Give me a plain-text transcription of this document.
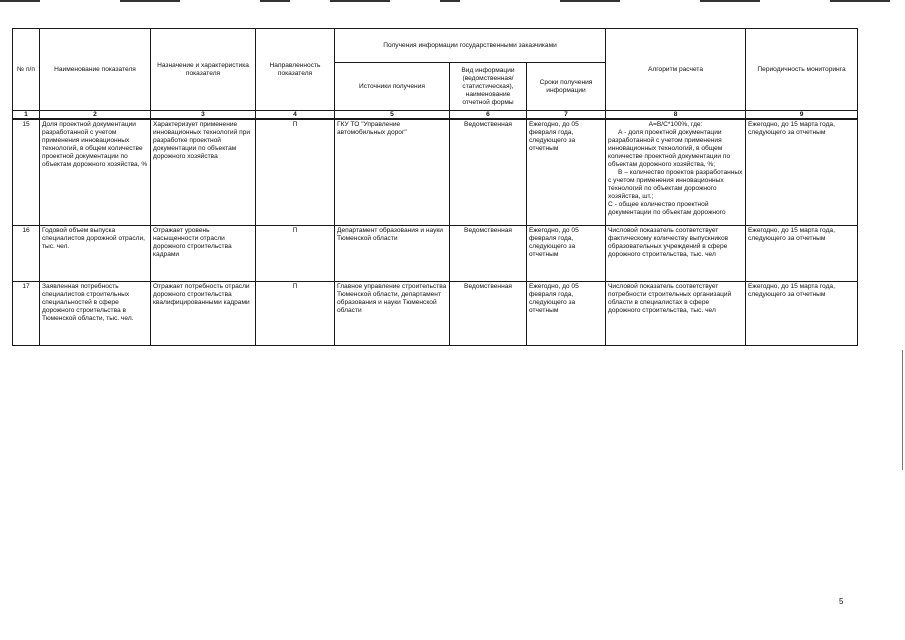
№ п/п	Наименование показателя	Назначение и характеристика показателя	Направленность показателя	Получения информации государственными заказчиками			Алгоритм расчета	Периодичность мониторинга
				Источники получения	Вид информации (ведомственная/ статистическая), наименование отчетной формы	Сроки получения информации		
1	2	3	4	5	6	7	8	9
15	Доля проектной документации разработанной с учетом применения инновационных технологий, в общем количестве проектной документации по объектам дорожного хозяйства, %	Характеризует применение инновационных технологий при разработке проектной документации по объектам дорожного хозяйства	П	ГКУ ТО "Управление автомобильных дорог"	Ведомственная	Ежегодно, до 05 февраля года, следующего за отчетным	А=В/С*100%, где:
А - доля проектной документации разработанной с учетом применения инновационных технологий, в общем количестве проектной документации по объектам дорожного хозяйства, %;
В – количество проектов разработанных с учетом применения инновационных технологий по объектам дорожного хозяйства, шт.;
С - общее количество проектной документации по объектам дорожного	Ежегодно, до 15 марта года, следующего за отчетным
16	Годовой объем выпуска специалистов дорожной отрасли, тыс. чел.	Отражает уровень насыщенности отрасли дорожного строительства кадрами	П	Департамент образования и науки Тюменской области	Ведомственная	Ежегодно, до 05 февраля года, следующего за отчетным	Числовой показатель соответствует фактическому количеству выпускников образовательных учреждений в сфере дорожного строительства, тыс. чел	Ежегодно, до 15 марта года, следующего за отчетным
17	Заявленная потребность специалистов строительных специальностей в сфере дорожного строительства в Тюменской области, тыс. чел.	Отражает потребность отрасли дорожного строительства квалифицированными кадрами	П	Главное управление строительства Тюменской области, департамент образования и науки Тюменской области	Ведомственная	Ежегодно, до 05 февраля года, следующего за отчетным	Числовой показатель соответствует потребности строительных организаций области в специалистах в сфере дорожного строительства, тыс. чел	Ежегодно, до 15 марта года, следующего за отчетным
5
